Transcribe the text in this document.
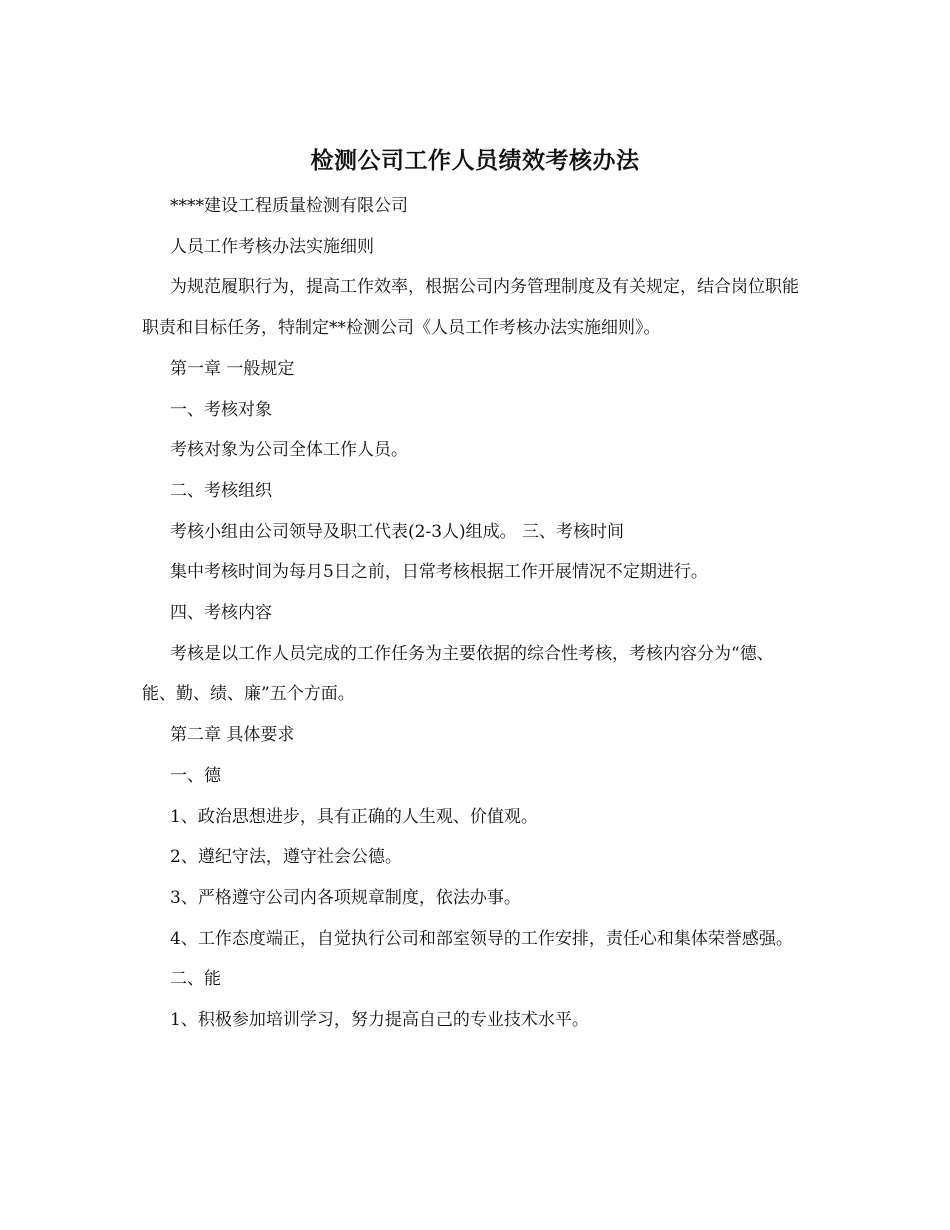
检测公司工作人员绩效考核办法

****建设工程质量检测有限公司

人员工作考核办法实施细则

为规范履职行为，提高工作效率，根据公司内务管理制度及有关规定，结合岗位职能职责和目标任务，特制定**检测公司《人员工作考核办法实施细则》。

第一章 一般规定

一、考核对象

考核对象为公司全体工作人员。

二、考核组织

考核小组由公司领导及职工代表(2-3人)组成。 三、考核时间

集中考核时间为每月5日之前，日常考核根据工作开展情况不定期进行。

四、考核内容

考核是以工作人员完成的工作任务为主要依据的综合性考核，考核内容分为“德、能、勤、绩、廉”五个方面。

第二章 具体要求

一、德

1、政治思想进步，具有正确的人生观、价值观。

2、遵纪守法，遵守社会公德。

3、严格遵守公司内各项规章制度，依法办事。

4、工作态度端正，自觉执行公司和部室领导的工作安排，责任心和集体荣誉感强。

二、能

1、积极参加培训学习，努力提高自己的专业技术水平。
